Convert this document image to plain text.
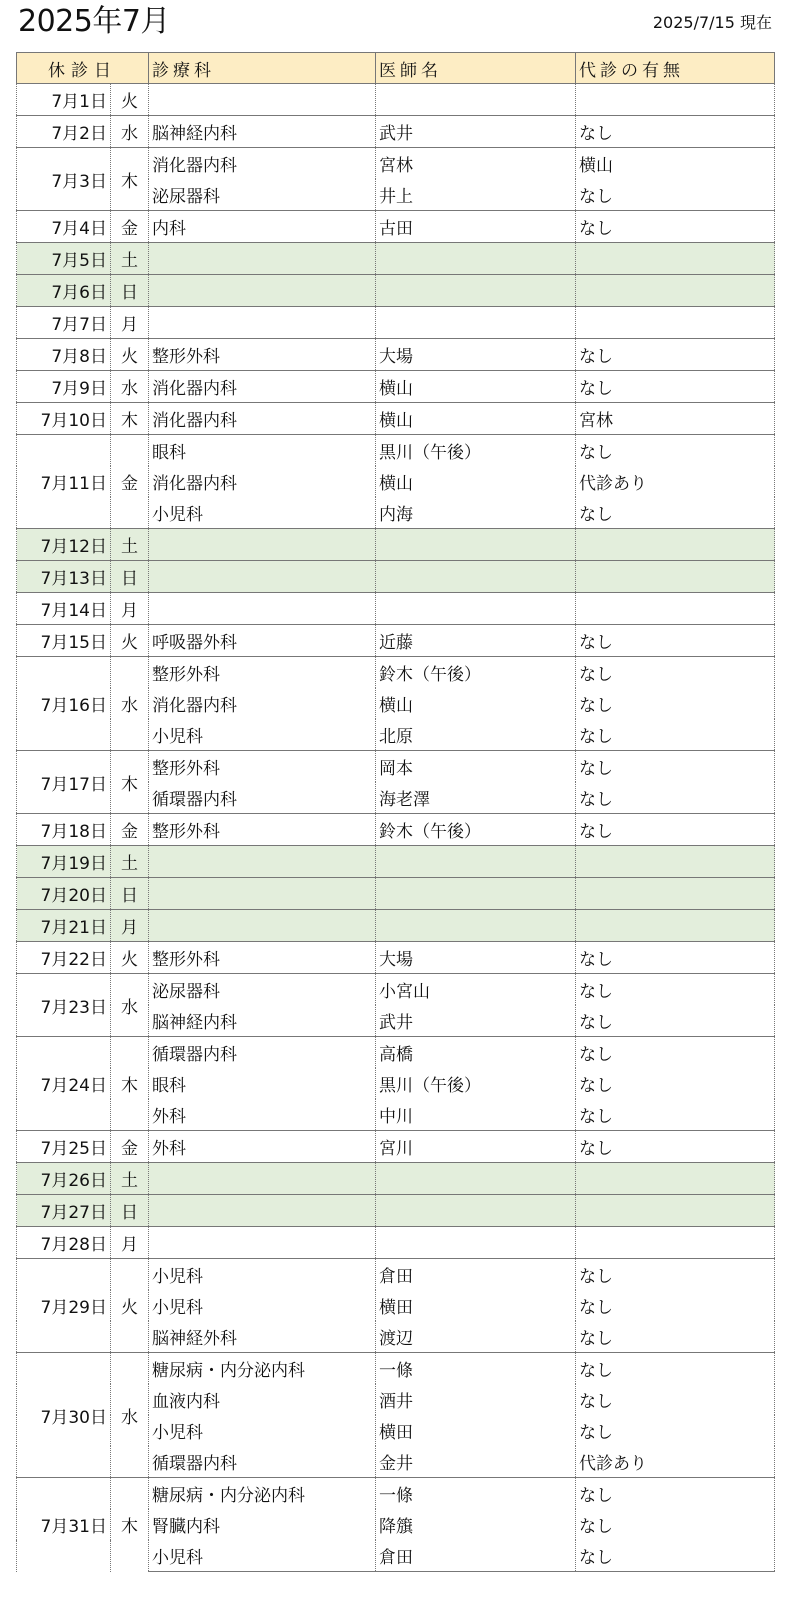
2025年7月	2025/7/15 現在
休診日		診療科	医師名	代診の有無
7月1日	火			
7月2日	水	脳神経内科	武井	なし
7月3日	木	消化器内科	宮林	横山
		泌尿器科	井上	なし
7月4日	金	内科	古田	なし
7月5日	土			
7月6日	日			
7月7日	月			
7月8日	火	整形外科	大場	なし
7月9日	水	消化器内科	横山	なし
7月10日	木	消化器内科	横山	宮林
7月11日	金	眼科	黒川（午後）	なし
		消化器内科	横山	代診あり
		小児科	内海	なし
7月12日	土			
7月13日	日			
7月14日	月			
7月15日	火	呼吸器外科	近藤	なし
7月16日	水	整形外科	鈴木（午後）	なし
		消化器内科	横山	なし
		小児科	北原	なし
7月17日	木	整形外科	岡本	なし
		循環器内科	海老澤	なし
7月18日	金	整形外科	鈴木（午後）	なし
7月19日	土			
7月20日	日			
7月21日	月			
7月22日	火	整形外科	大場	なし
7月23日	水	泌尿器科	小宮山	なし
		脳神経内科	武井	なし
7月24日	木	循環器内科	高橋	なし
		眼科	黒川（午後）	なし
		外科	中川	なし
7月25日	金	外科	宮川	なし
7月26日	土			
7月27日	日			
7月28日	月			
7月29日	火	小児科	倉田	なし
		小児科	横田	なし
		脳神経外科	渡辺	なし
7月30日	水	糖尿病・内分泌内科	一條	なし
		血液内科	酒井	なし
		小児科	横田	なし
		循環器内科	金井	代診あり
7月31日	木	糖尿病・内分泌内科	一條	なし
		腎臓内科	降籏	なし
		小児科	倉田	なし
